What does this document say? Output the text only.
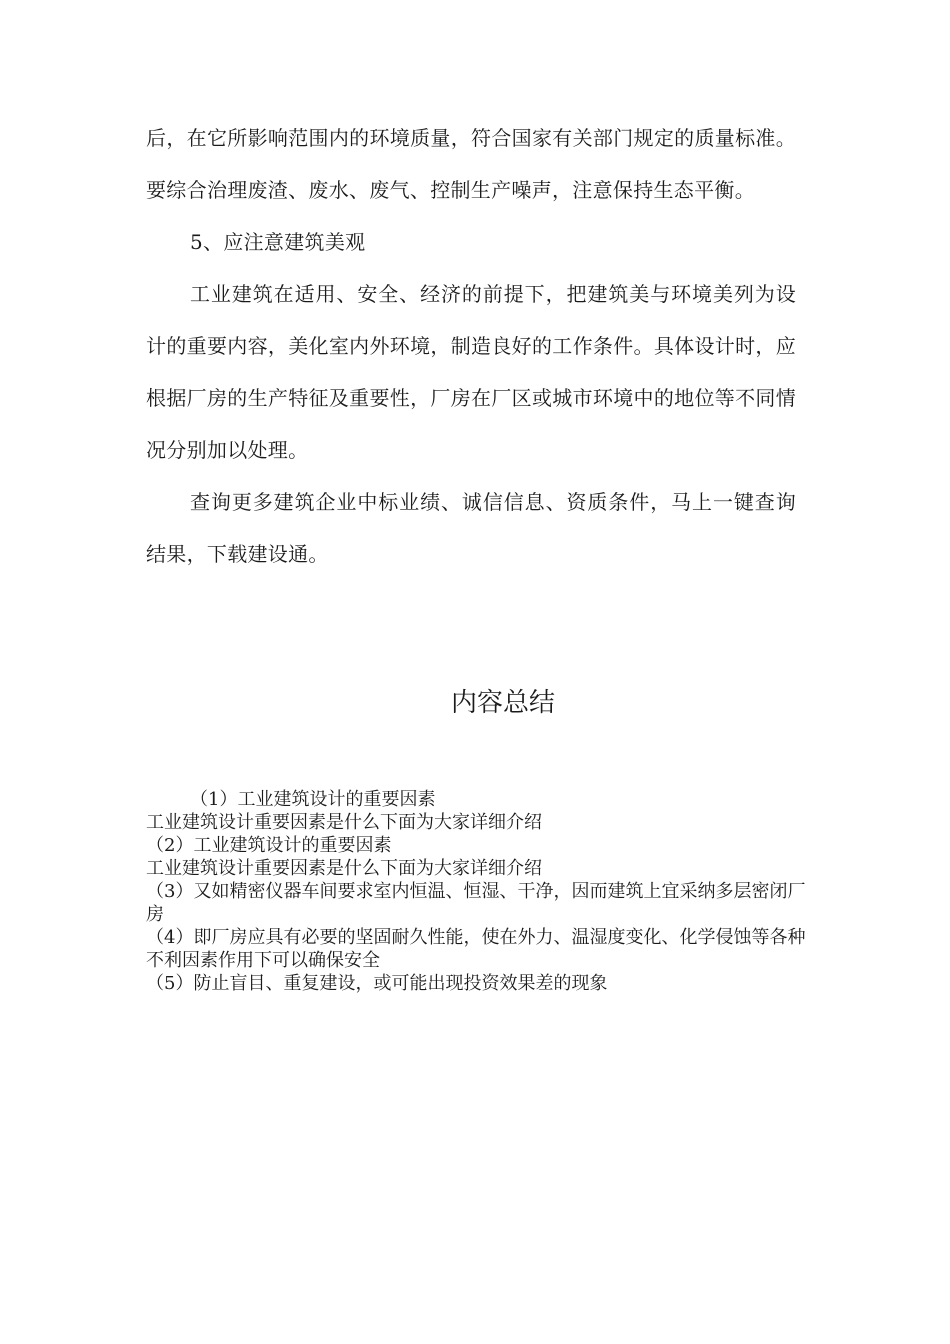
后，在它所影响范围内的环境质量，符合国家有关部门规定的质量标准。要综合治理废渣、废水、废气、控制生产噪声，注意保持生态平衡。

5、应注意建筑美观

工业建筑在适用、安全、经济的前提下，把建筑美与环境美列为设计的重要内容，美化室内外环境，制造良好的工作条件。具体设计时，应根据厂房的生产特征及重要性，厂房在厂区或城市环境中的地位等不同情况分别加以处理。

查询更多建筑企业中标业绩、诚信信息、资质条件，马上一键查询结果，下载建设通。

内容总结
（1）工业建筑设计的重要因素
工业建筑设计重要因素是什么下面为大家详细介绍
（2）工业建筑设计的重要因素
工业建筑设计重要因素是什么下面为大家详细介绍
（3）又如精密仪器车间要求室内恒温、恒湿、干净，因而建筑上宜采纳多层密闭厂房
（4）即厂房应具有必要的坚固耐久性能，使在外力、温湿度变化、化学侵蚀等各种不利因素作用下可以确保安全
（5）防止盲目、重复建设，或可能出现投资效果差的现象
